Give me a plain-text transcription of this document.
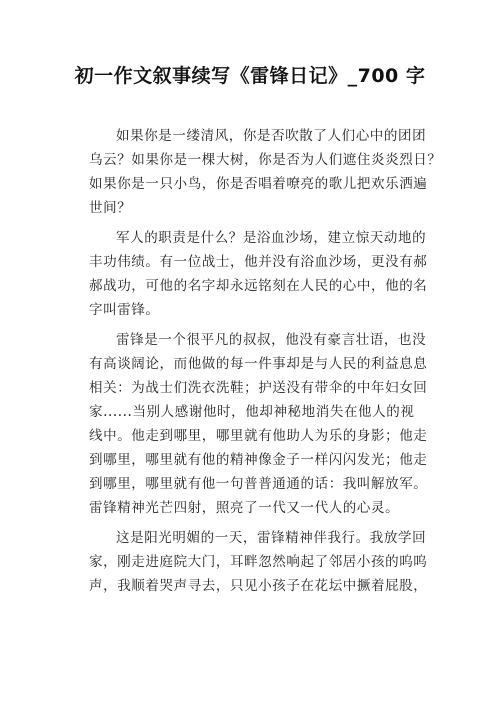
初一作文叙事续写《雷锋日记》_700 字

如果你是一缕清风，你是否吹散了人们心中的团团
乌云？如果你是一棵大树，你是否为人们遮住炎炎烈日？
如果你是一只小鸟，你是否唱着嘹亮的歌儿把欢乐洒遍
世间？

军人的职责是什么？是浴血沙场，建立惊天动地的
丰功伟绩。有一位战士，他并没有浴血沙场，更没有郝
郝战功，可他的名字却永远铭刻在人民的心中，他的名
字叫雷锋。

雷锋是一个很平凡的叔叔，他没有豪言壮语，也没
有高谈阔论，而他做的每一件事却是与人民的利益息息
相关：为战士们洗衣洗鞋；护送没有带伞的中年妇女回
家......当别人感谢他时，他却神秘地消失在他人的视
线中。他走到哪里，哪里就有他助人为乐的身影；他走
到哪里，哪里就有他的精神像金子一样闪闪发光；他走
到哪里，哪里就有他一句普普通通的话：我叫解放军。
雷锋精神光芒四射，照亮了一代又一代人的心灵。

这是阳光明媚的一天，雷锋精神伴我行。我放学回
家，刚走进庭院大门，耳畔忽然响起了邻居小孩的呜呜
声，我顺着哭声寻去，只见小孩子在花坛中撅着屁股，
